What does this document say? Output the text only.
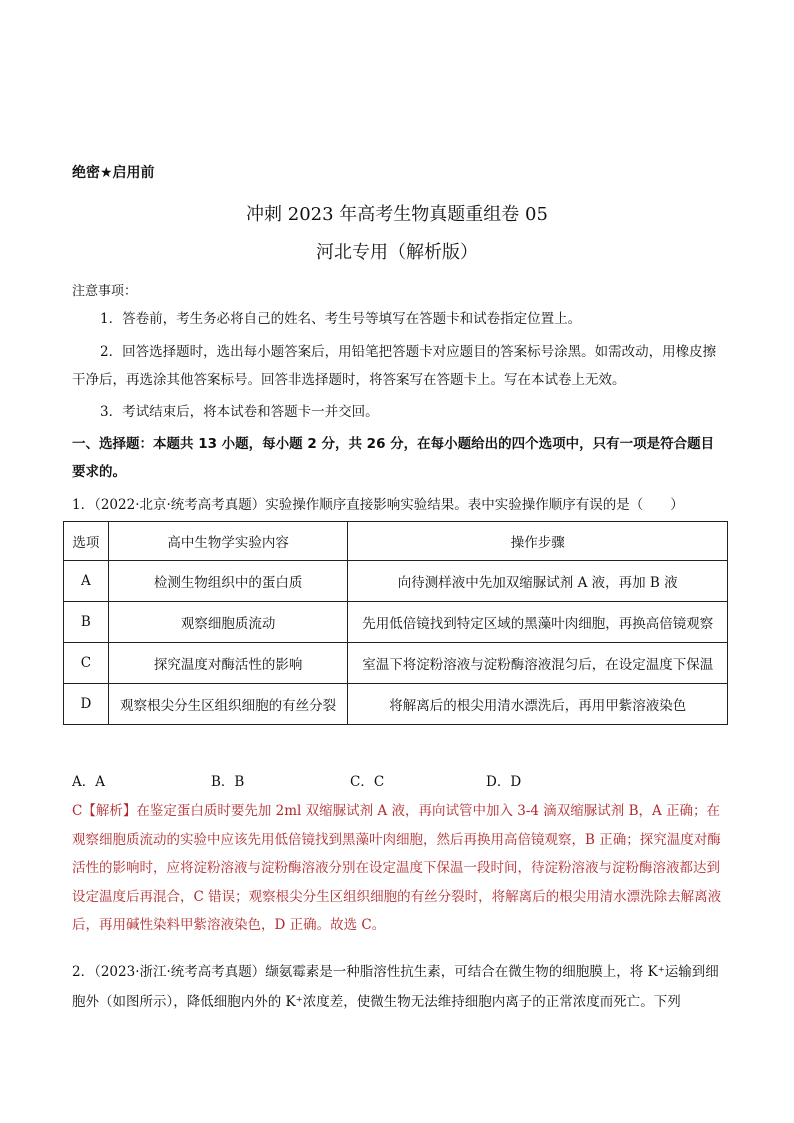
绝密★启用前
冲刺 2023 年高考生物真题重组卷 05
河北专用（解析版）
注意事项：
1．答卷前，考生务必将自己的姓名、考生号等填写在答题卡和试卷指定位置上。
2．回答选择题时，选出每小题答案后，用铅笔把答题卡对应题目的答案标号涂黑。如需改动，用橡皮擦干净后，再选涂其他答案标号。回答非选择题时，将答案写在答题卡上。写在本试卷上无效。
3．考试结束后，将本试卷和答题卡一并交回。
一、选择题：本题共 13 小题，每小题 2 分，共 26 分，在每小题给出的四个选项中，只有一项是符合题目要求的。
1．（2022·北京·统考高考真题）实验操作顺序直接影响实验结果。表中实验操作顺序有误的是（　　）
选项	高中生物学实验内容	操作步骤
A	检测生物组织中的蛋白质	向待测样液中先加双缩脲试剂 A 液，再加 B 液
B	观察细胞质流动	先用低倍镜找到特定区域的黑藻叶肉细胞，再换高倍镜观察
C	探究温度对酶活性的影响	室温下将淀粉溶液与淀粉酶溶液混匀后，在设定温度下保温
D	观察根尖分生区组织细胞的有丝分裂	将解离后的根尖用清水漂洗后，再用甲紫溶液染色
A．A	B．B	C．C	D．D
C【解析】在鉴定蛋白质时要先加 2ml 双缩脲试剂 A 液，再向试管中加入 3-4 滴双缩脲试剂 B，A 正确；在观察细胞质流动的实验中应该先用低倍镜找到黑藻叶肉细胞，然后再换用高倍镜观察，B 正确；探究温度对酶活性的影响时，应将淀粉溶液与淀粉酶溶液分别在设定温度下保温一段时间，待淀粉溶液与淀粉酶溶液都达到设定温度后再混合，C 错误；观察根尖分生区组织细胞的有丝分裂时，将解离后的根尖用清水漂洗除去解离液后，再用碱性染料甲紫溶液染色，D 正确。故选 C。
2．（2023·浙江·统考高考真题）缬氨霉素是一种脂溶性抗生素，可结合在微生物的细胞膜上，将 K⁺运输到细胞外（如图所示），降低细胞内外的 K⁺浓度差，使微生物无法维持细胞内离子的正常浓度而死亡。下列
